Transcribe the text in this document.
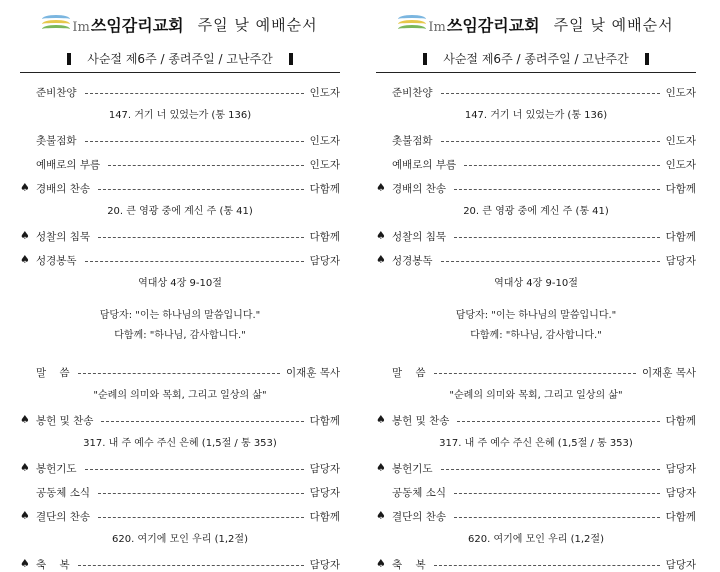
Im쓰임감리교회 주일 낮 예배순서
사순절 제6주 / 종려주일 / 고난주간
준비찬양	인도자
147. 거기 너 있었는가 (통 136)
촛불점화	인도자
예배로의 부름	인도자
♠ 경배의 찬송	다함께
20. 큰 영광 중에 계신 주 (통 41)
♠ 성찰의 침묵	다함께
♠ 성경봉독	담당자
역대상 4장 9-10절
담당자: "이는 하나님의 말씀입니다."
다함께: "하나님, 감사합니다."
말    씀	이재훈 목사
"순례의 의미와 목회, 그리고 일상의 삶"
♠ 봉헌 및 찬송	다함께
317. 내 주 예수 주신 은혜 (1,5절 / 통 353)
♠ 봉헌기도	담당자
공동체 소식	담당자
♠ 결단의 찬송	다함께
620. 여기에 모인 우리 (1,2절)
♠ 축    복	담당자
Im쓰임감리교회 주일 낮 예배순서
사순절 제6주 / 종려주일 / 고난주간
준비찬양	인도자
147. 거기 너 있었는가 (통 136)
촛불점화	인도자
예배로의 부름	인도자
♠ 경배의 찬송	다함께
20. 큰 영광 중에 계신 주 (통 41)
♠ 성찰의 침묵	다함께
♠ 성경봉독	담당자
역대상 4장 9-10절
담당자: "이는 하나님의 말씀입니다."
다함께: "하나님, 감사합니다."
말    씀	이재훈 목사
"순례의 의미와 목회, 그리고 일상의 삶"
♠ 봉헌 및 찬송	다함께
317. 내 주 예수 주신 은혜 (1,5절 / 통 353)
♠ 봉헌기도	담당자
공동체 소식	담당자
♠ 결단의 찬송	다함께
620. 여기에 모인 우리 (1,2절)
♠ 축    복	담당자
